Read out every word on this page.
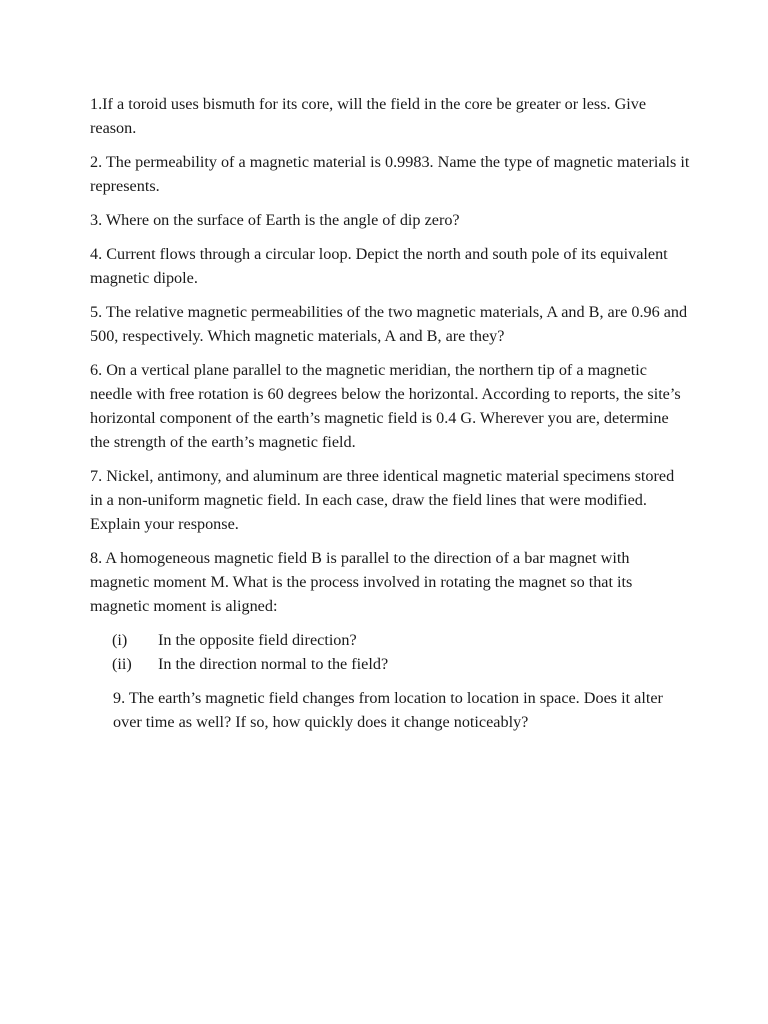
1.If a toroid uses bismuth for its core, will the field in the core be greater or less. Give reason.

2. The permeability of a magnetic material is 0.9983. Name the type of magnetic materials it represents.

3. Where on the surface of Earth is the angle of dip zero?

4. Current flows through a circular loop. Depict the north and south pole of its equivalent magnetic dipole.

5. The relative magnetic permeabilities of the two magnetic materials, A and B, are 0.96 and 500, respectively. Which magnetic materials, A and B, are they?

6. On a vertical plane parallel to the magnetic meridian, the northern tip of a magnetic needle with free rotation is 60 degrees below the horizontal. According to reports, the site’s horizontal component of the earth’s magnetic field is 0.4 G. Wherever you are, determine the strength of the earth’s magnetic field.

7. Nickel, antimony, and aluminum are three identical magnetic material specimens stored in a non-uniform magnetic field. In each case, draw the field lines that were modified. Explain your response.

8. A homogeneous magnetic field B is parallel to the direction of a bar magnet with magnetic moment M. What is the process involved in rotating the magnet so that its magnetic moment is aligned:

(i)	In the opposite field direction?
(ii)	In the direction normal to the field?

9. The earth’s magnetic field changes from location to location in space. Does it alter over time as well? If so, how quickly does it change noticeably?
